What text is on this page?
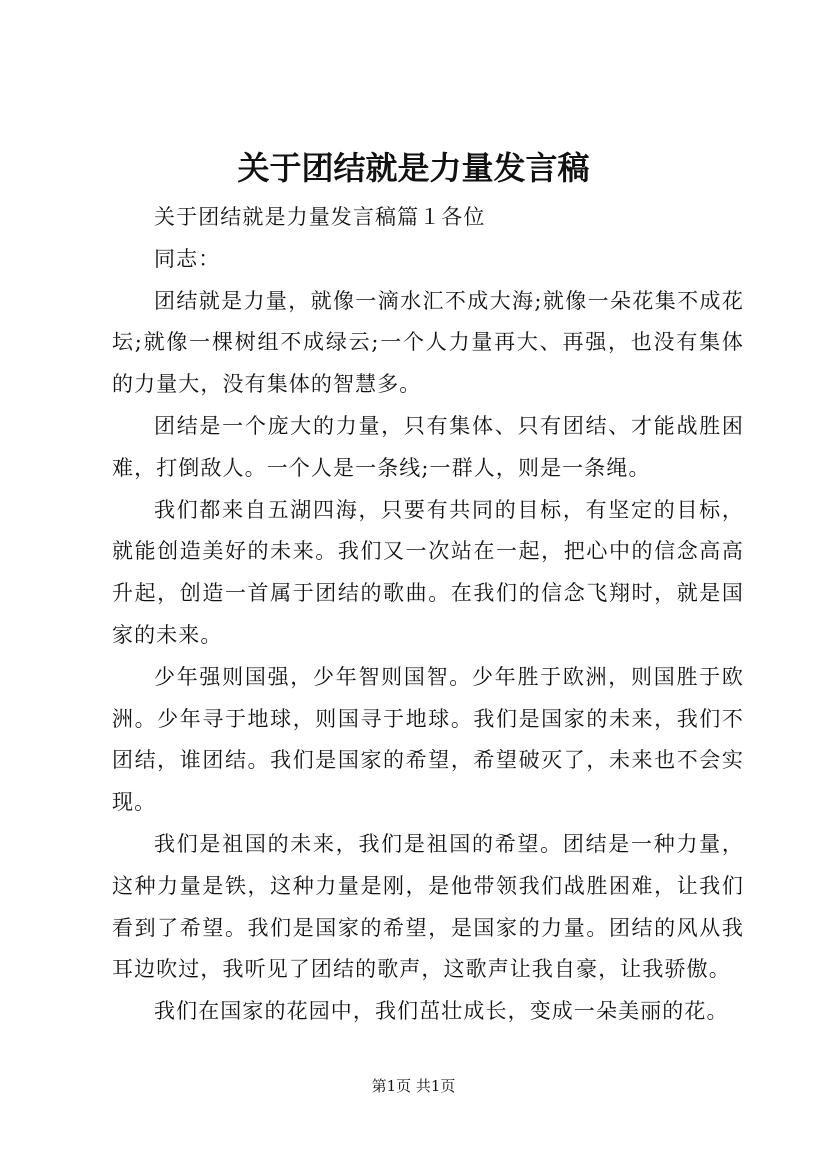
关于团结就是力量发言稿

关于团结就是力量发言稿篇１各位

同志：

团结就是力量，就像一滴水汇不成大海;就像一朵花集不成花坛;就像一棵树组不成绿云;一个人力量再大、再强，也没有集体的力量大，没有集体的智慧多。

团结是一个庞大的力量，只有集体、只有团结、才能战胜困难，打倒敌人。一个人是一条线;一群人，则是一条绳。

我们都来自五湖四海，只要有共同的目标，有坚定的目标，就能创造美好的未来。我们又一次站在一起，把心中的信念高高升起，创造一首属于团结的歌曲。在我们的信念飞翔时，就是国家的未来。

少年强则国强，少年智则国智。少年胜于欧洲，则国胜于欧洲。少年寻于地球，则国寻于地球。我们是国家的未来，我们不团结，谁团结。我们是国家的希望，希望破灭了，未来也不会实现。

我们是祖国的未来，我们是祖国的希望。团结是一种力量，这种力量是铁，这种力量是刚，是他带领我们战胜困难，让我们看到了希望。我们是国家的希望，是国家的力量。团结的风从我耳边吹过，我听见了团结的歌声，这歌声让我自豪，让我骄傲。

我们在国家的花园中，我们茁壮成长，变成一朵美丽的花。

第1页 共1页
